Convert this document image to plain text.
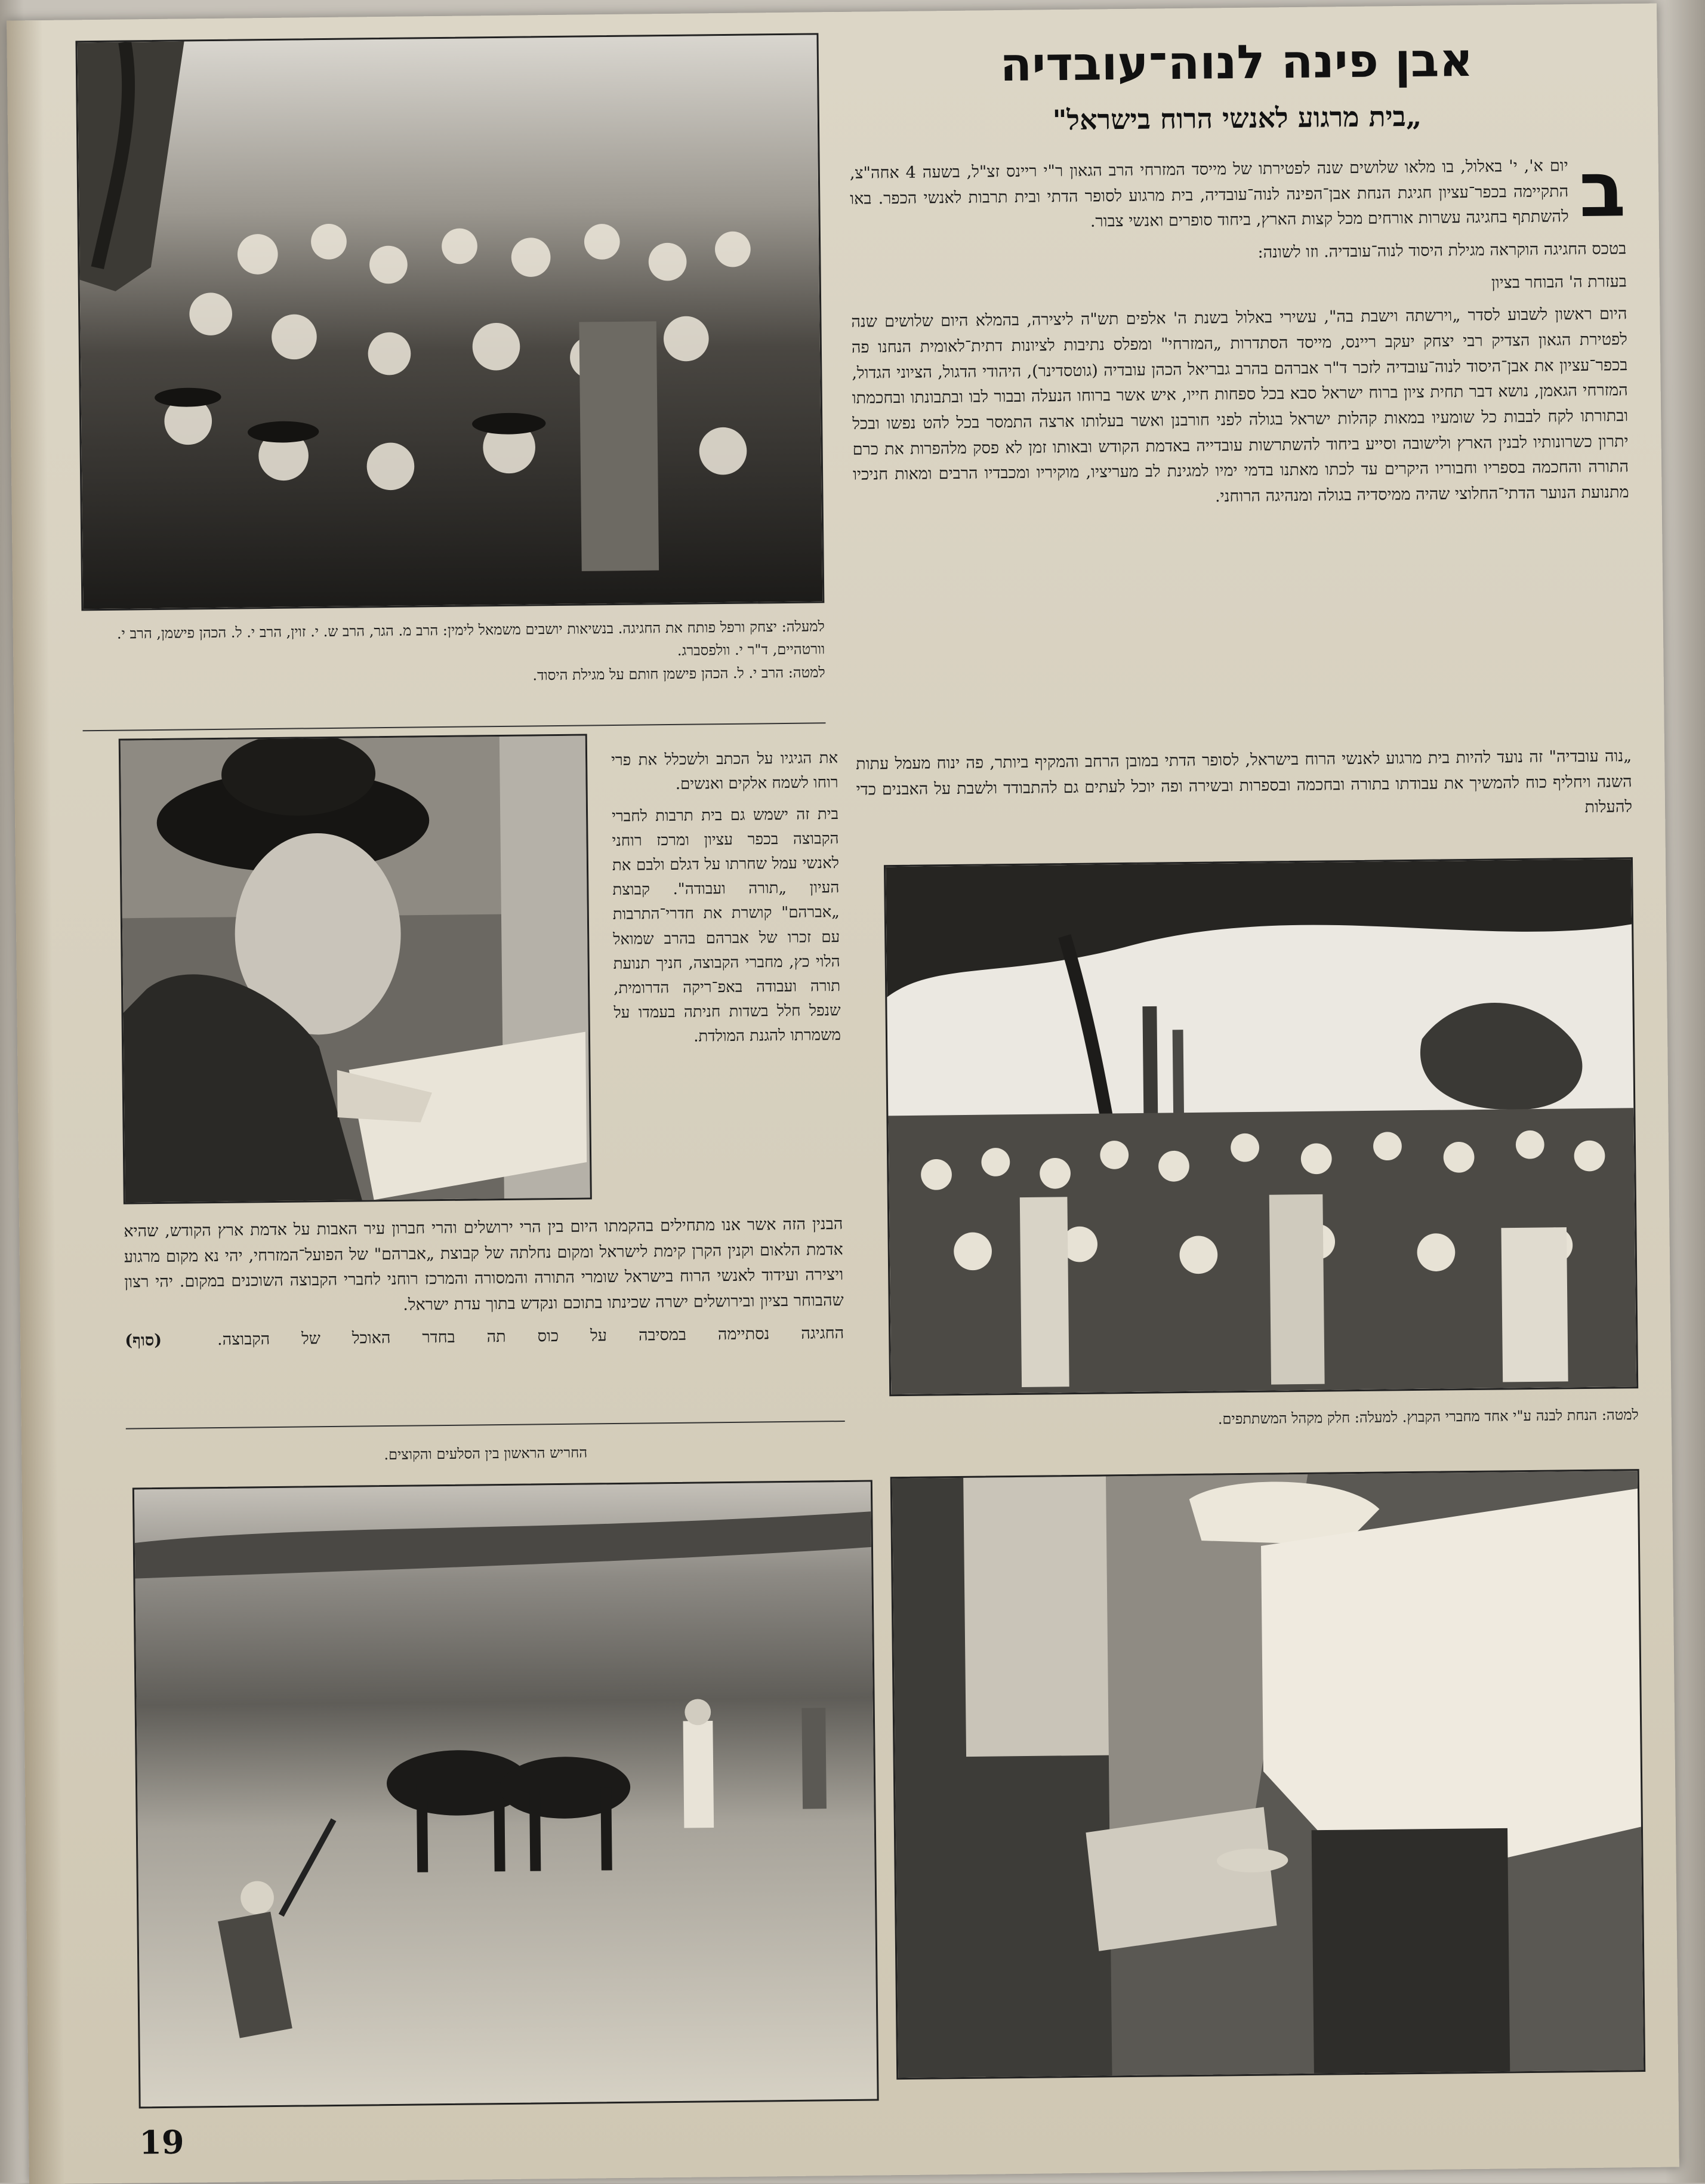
אבן פינה לנוה־עובדיה
„בית מרגוע לאנשי הרוח בישראל"
ב

יום א', י' באלול, בו מלאו שלושים שנה לפטירתו של מייסד המזרחי הרב הגאון ר"י ריינס זצ"ל, בשעה 4 אחה"צ, התקיימה בכפר־עציון חגיגת הנחת אבן־הפינה לנוה־עובדיה, בית מרגוע לסופר הדתי ובית תרבות לאנשי הכפר. באו להשתתף בחגיגה עשרות אורחים מכל קצות הארץ, ביחוד סופרים ואנשי צבור.

בטכס החגיגה הוקראה מגילת היסוד לנוה־עובדיה. וזו לשונה:

בעזרת ה' הבוחר בציון

היום ראשון לשבוע לסדר „וירשתה וישבת בה", עשירי באלול בשנת ה' אלפים תש"ה ליצירה, בהמלא היום שלושים שנה לפטירת הגאון הצדיק רבי יצחק יעקב ריינס, מייסד הסתדרות „המזרחי" ומפלס נתיבות לציונות דתית־לאומית הנחנו פה בכפר־עציון את אבן־היסוד לנוה־עובדיה לזכר ד"ר אברהם בהרב גבריאל הכהן עובדיה (גוטסדינר), היהודי הדגול, הציוני הגדול, המזרחי הגאמן, נושא דבר תחית ציון ברוח ישראל סבא בכל ספחות חייו, איש אשר ברוחו הנעלה ובבור לבו ובתבונתו ובחכמתו ובתורתו לקח לבבות כל שומעיו במאות קהלות ישראל בגולה לפני חורבנן ואשר בעלותו ארצה התמסר בכל להט נפשו ובכל יתרון כשרונותיו לבנין הארץ ולישובה וסייע ביחוד להשתרשות עובדייה באדמת הקודש ובאותו זמן לא פסק מלהפרות את כרם התורה והחכמה בספריו וחבוריו היקרים עד לכתו מאתנו בדמי ימיו למגינת לב מעריציו, מוקיריו ומכבדיו הרבים ומאות חניכיו מתנועת הנוער הדתי־החלוצי שהיה ממיסדיה בגולה ומנהיגה הרוחני.

למעלה: יצחק ורפל פותח את החגיגה. בנשיאות יושבים משמאל לימין: הרב מ. הגר, הרב ש. י. זוין, הרב י. ל. הכהן פישמן, הרב י. וורטהיים, ד"ר י. וולפסברג.
למטה: הרב י. ל. הכהן פישמן חותם על מגילת היסוד.

„נוה עובדיה" זה נועד להיות בית מרגוע לאנשי הרוח בישראל, לסופר הדתי במובן הרחב והמקיף ביותר, פה ינוח מעמל עתות השנה ויחליף כוח להמשיך את עבודתו בתורה ובחכמה ובספרות ובשירה ופה יוכל לעתים גם להתבודד ולשבת על האבנים כדי להעלות

את הגיגיו על הכתב ולשכלל את פרי רוחו לשמח אלקים ואנשים.

בית זה ישמש גם בית תרבות לחברי הקבוצה בכפר עציון ומרכז רוחני לאנשי עמל שחרתו על דגלם ולבם את העיון „תורה ועבודה". קבוצת „אברהם" קושרת את חדרי־התרבות עם זכרו של אברהם בהרב שמואל הלוי כץ, מחברי הקבוצה, חניך תנועת תורה ועבודה באפ־ריקה הדרומית, שנפל חלל בשדות חניתה בעמדו על משמרתו להגנת המולדת.

הבנין הזה אשר אנו מתחילים בהקמתו היום בין הרי ירושלים והרי חברון עיר האבות על אדמת ארץ הקודש, שהיא אדמת הלאום וקנין הקרן קימת לישראל ומקום נחלתה של קבוצת „אברהם" של הפועל־המזרחי, יהי נא מקום מרגוע ויצירה ועידוד לאנשי הרוח בישראל שומרי התורה והמסורה והמרכז רוחני לחברי הקבוצה השוכנים במקום. יהי רצון שהבוחר בציון ובירושלים ישרה שכינתו בתוכם ונקדש בתוך עדת ישראל.

החגיגה נסתיימה במסיבה על כוס תה בחדר האוכל של הקבוצה. (סוף)

החריש הראשון בין הסלעים והקוצים.
למטה: הנחת לבנה ע"י אחד מחברי הקבוץ. למעלה: חלק מקהל המשתתפים.
19
